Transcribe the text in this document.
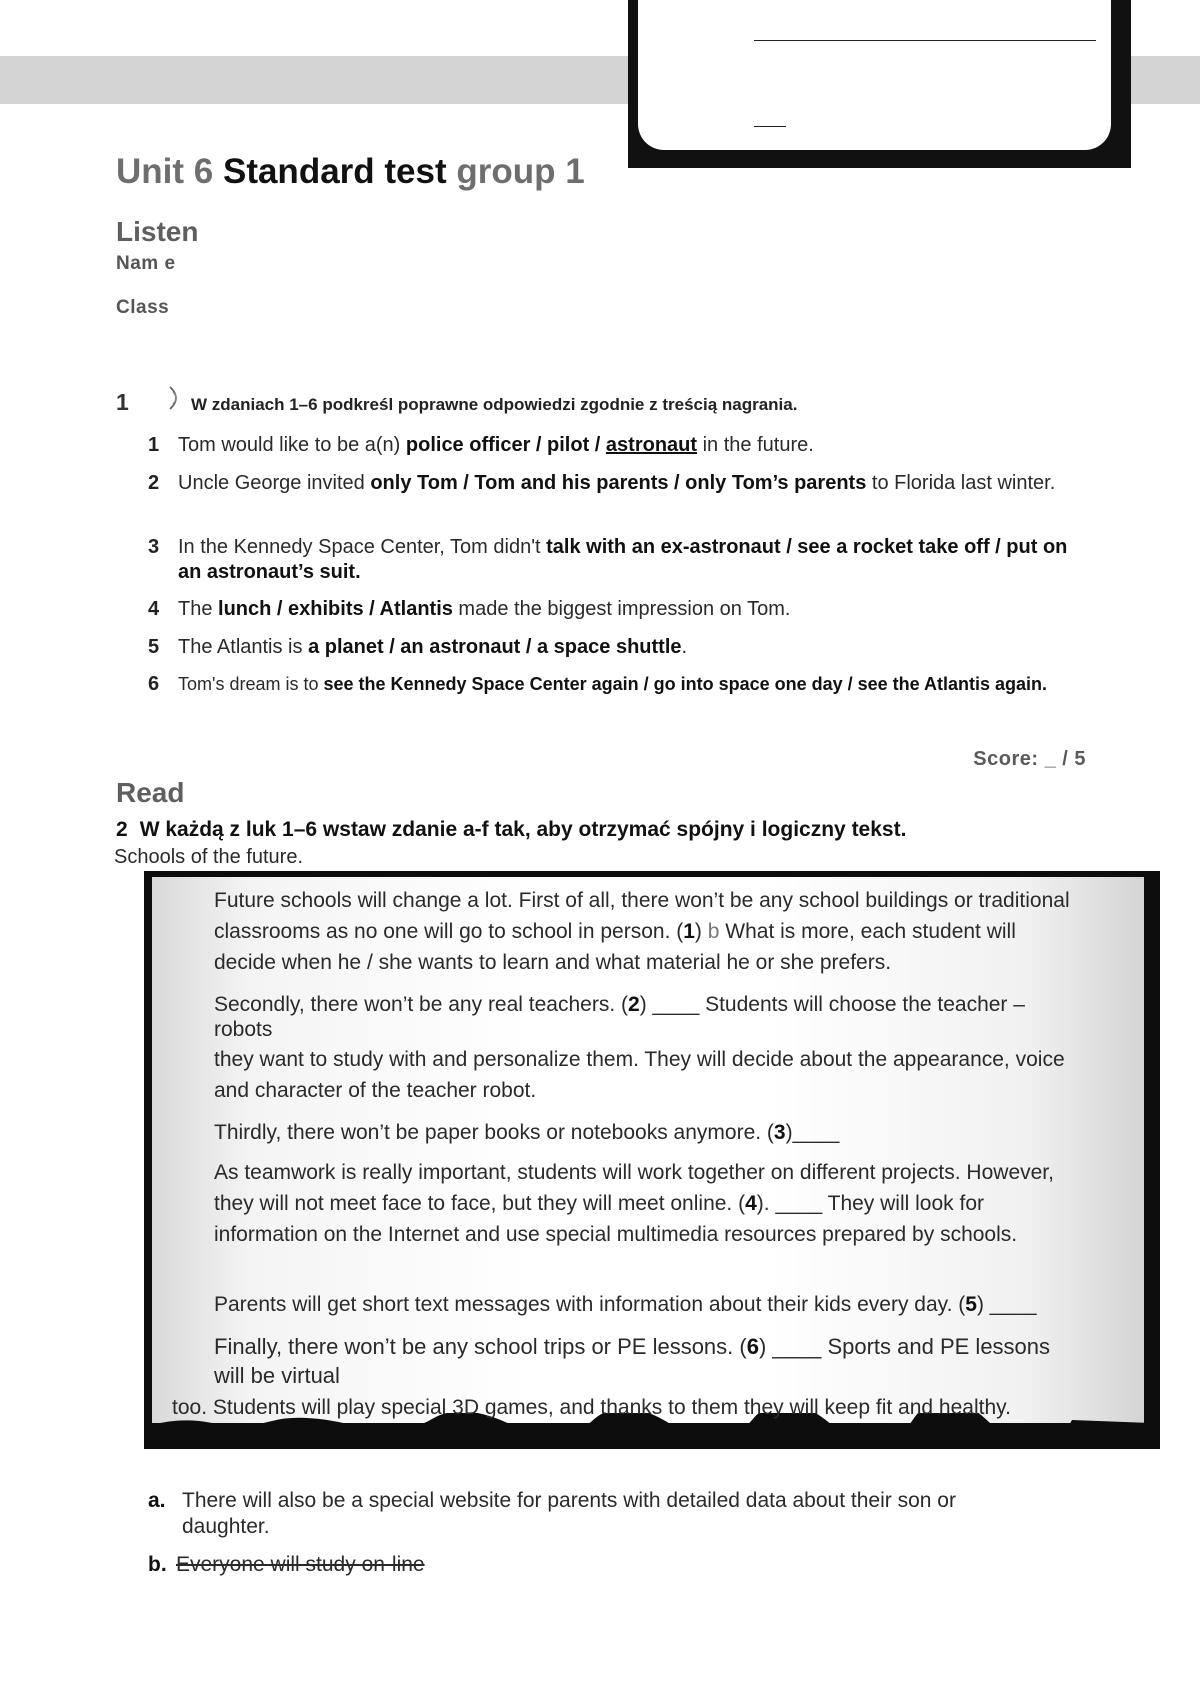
Unit 6 Standard test group 1
Listen
Nam e
Class
1	W zdaniach 1–6 podkreśl poprawne odpowiedzi zgodnie z treścią nagrania.
1 Tom would like to be a(n) police officer / pilot / astronaut in the future.
2 Uncle George invited only Tom / Tom and his parents / only Tom’s parents to Florida last winter.
3 In the Kennedy Space Center, Tom didn't talk with an ex-astronaut / see a rocket take off / put on an astronaut’s suit.
4 The lunch / exhibits / Atlantis made the biggest impression on Tom.
5 The Atlantis is a planet / an astronaut / a space shuttle.
6 Tom's dream is to see the Kennedy Space Center again / go into space one day / see the Atlantis again.
Score: _ / 5
Read
2 W każdą z luk 1–6 wstaw zdanie a-f tak, aby otrzymać spójny i logiczny tekst.
Schools of the future.
Future schools will change a lot. First of all, there won’t be any school buildings or traditional classrooms as no one will go to school in person. (1) b What is more, each student will decide when he / she wants to learn and what material he or she prefers.
Secondly, there won’t be any real teachers. (2) ____ Students will choose the teacher – robots
they want to study with and personalize them. They will decide about the appearance, voice and character of the teacher robot.
Thirdly, there won’t be paper books or notebooks anymore. (3)____
As teamwork is really important, students will work together on different projects. However, they will not meet face to face, but they will meet online. (4). ____ They will look for information on the Internet and use special multimedia resources prepared by schools.
Parents will get short text messages with information about their kids every day. (5) ____
Finally, there won’t be any school trips or PE lessons. (6) ____ Sports and PE lessons will be virtual
too. Students will play special 3D games, and thanks to them they will keep fit and healthy.
a. There will also be a special website for parents with detailed data about their son or daughter.
b. Everyone will study on-line
